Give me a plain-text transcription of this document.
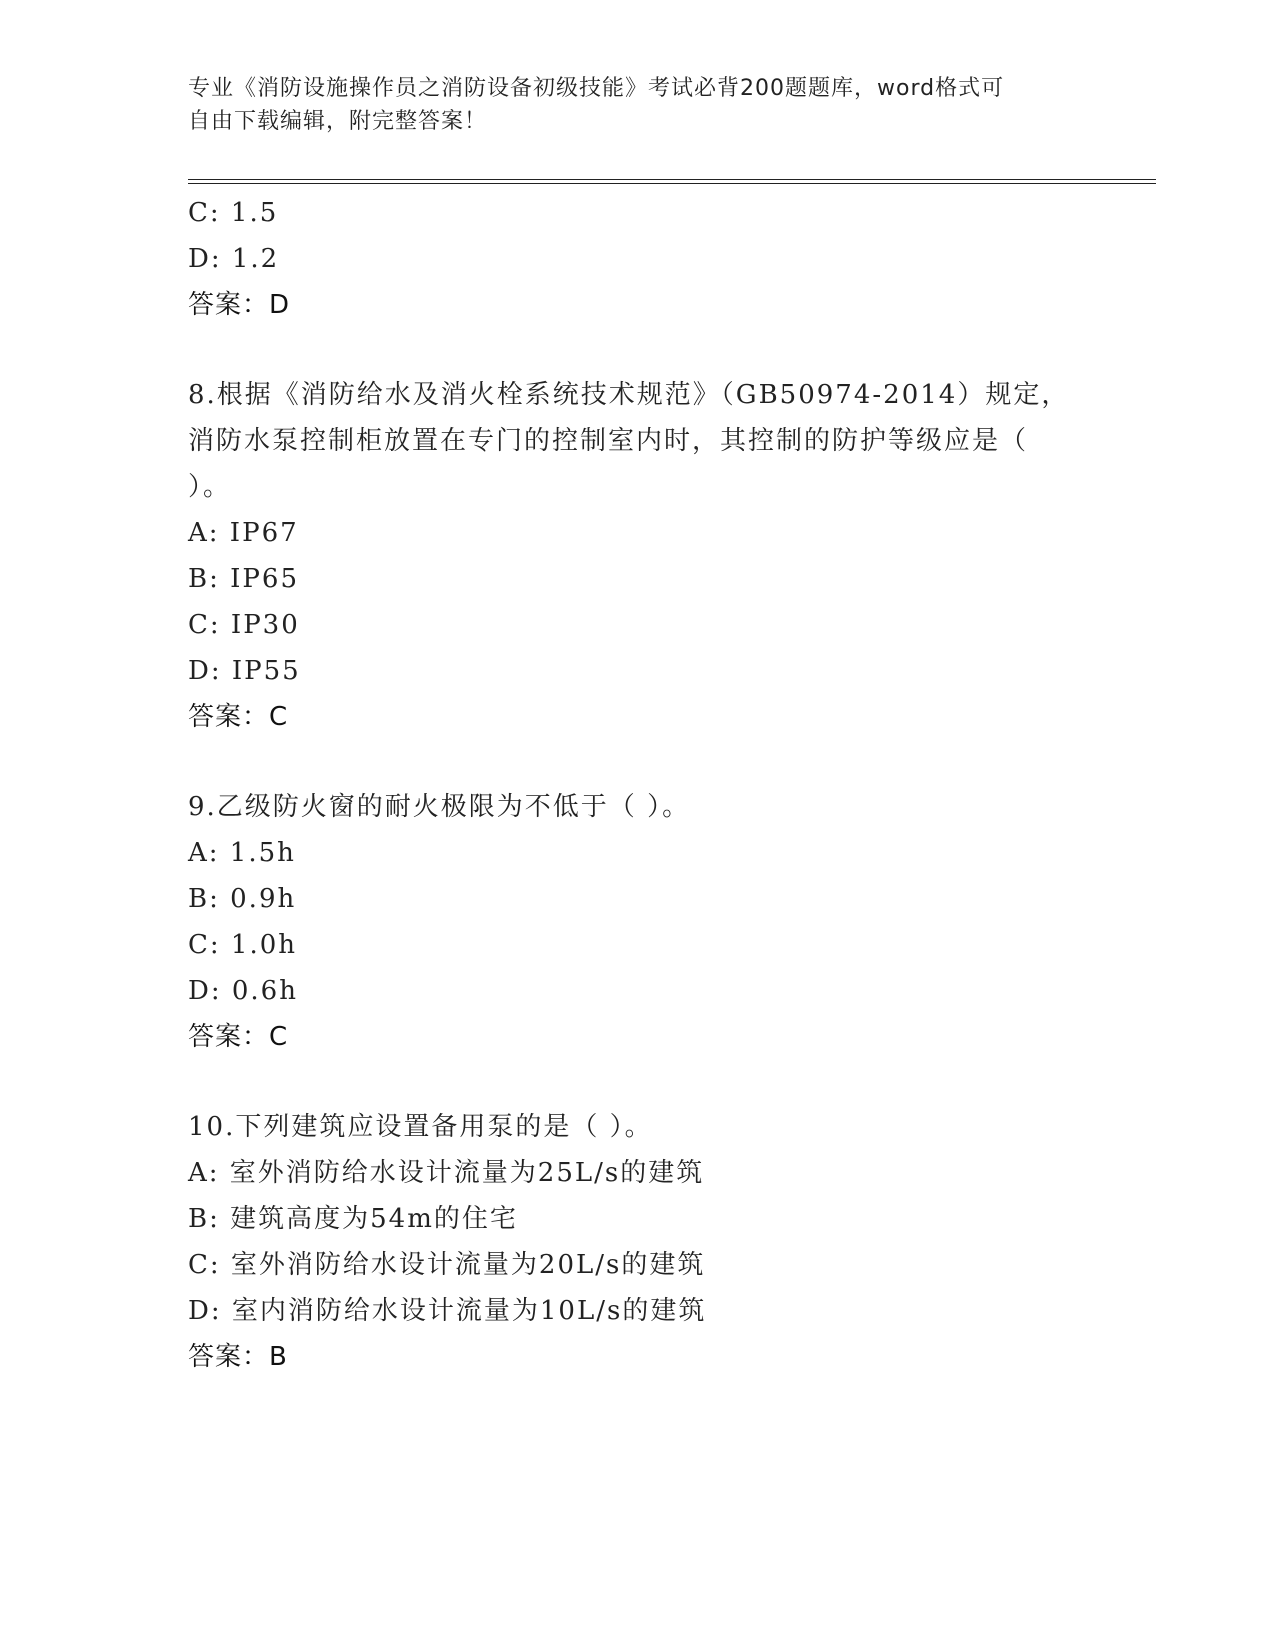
专业《消防设施操作员之消防设备初级技能》考试必背200题题库，word格式可
自由下载编辑，附完整答案！
C: 1.5
D: 1.2
答案：D
8.根据《消防给水及消火栓系统技术规范》（GB50974-2014）规定，
消防水泵控制柜放置在专门的控制室内时，其控制的防护等级应是（
）。
A: IP67
B: IP65
C: IP30
D: IP55
答案：C
9.乙级防火窗的耐火极限为不低于（ ）。
A: 1.5h
B: 0.9h
C: 1.0h
D: 0.6h
答案：C
10.下列建筑应设置备用泵的是（ ）。
A: 室外消防给水设计流量为25L/s的建筑
B: 建筑高度为54m的住宅
C: 室外消防给水设计流量为20L/s的建筑
D: 室内消防给水设计流量为10L/s的建筑
答案：B
